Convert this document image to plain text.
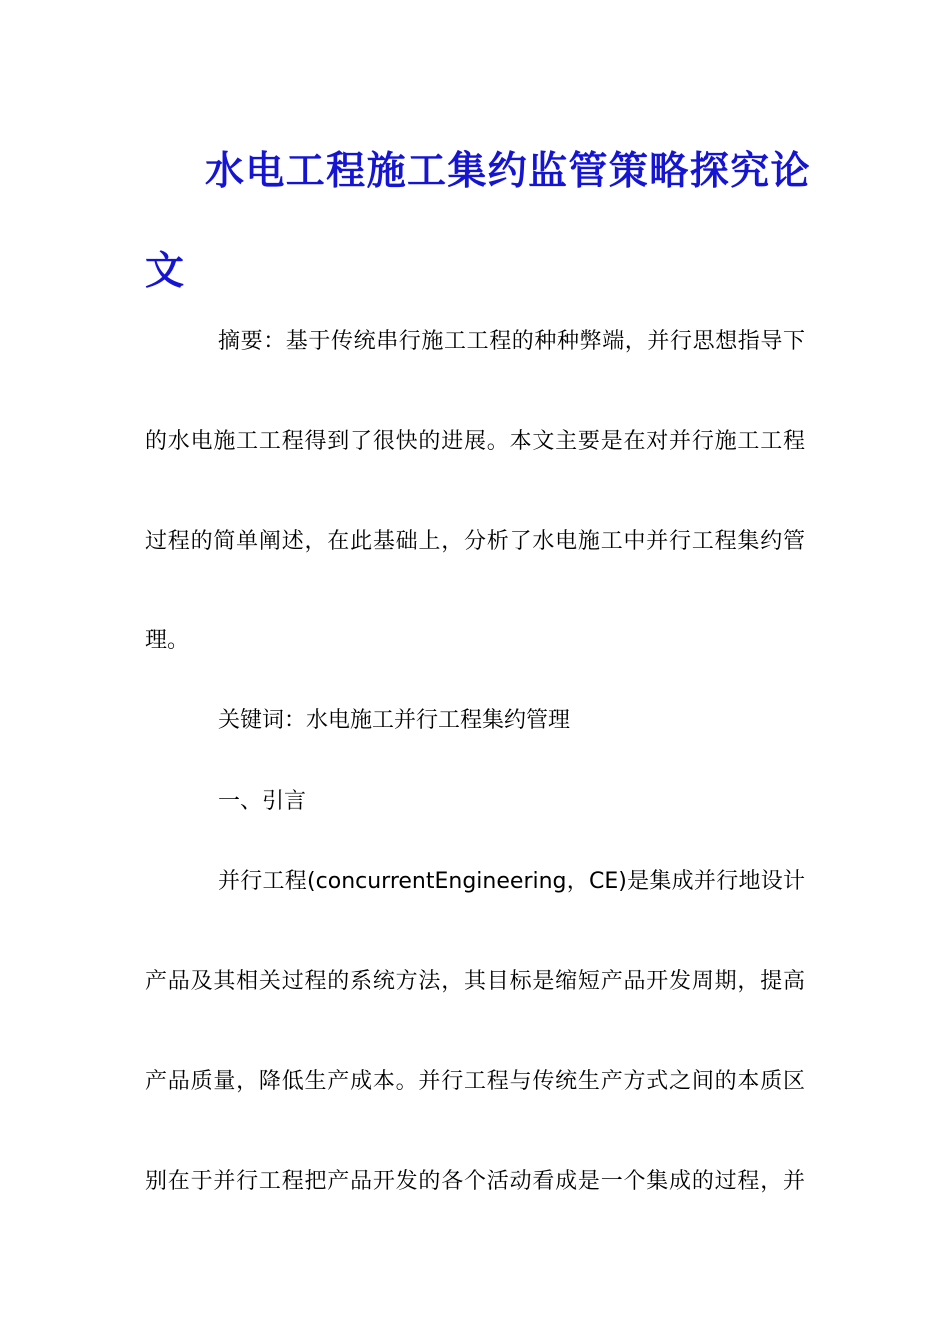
水电工程施工集约监管策略探究论文
摘要：基于传统串行施工工程的种种弊端，并行思想指导下
的水电施工工程得到了很快的进展。本文主要是在对并行施工工程
过程的简单阐述，在此基础上，分析了水电施工中并行工程集约管
理。
关键词：水电施工并行工程集约管理
一、引言
并行工程(concurrentEngineering，CE)是集成并行地设计
产品及其相关过程的系统方法，其目标是缩短产品开发周期，提高
产品质量，降低生产成本。并行工程与传统生产方式之间的本质区
别在于并行工程把产品开发的各个活动看成是一个集成的过程，并
